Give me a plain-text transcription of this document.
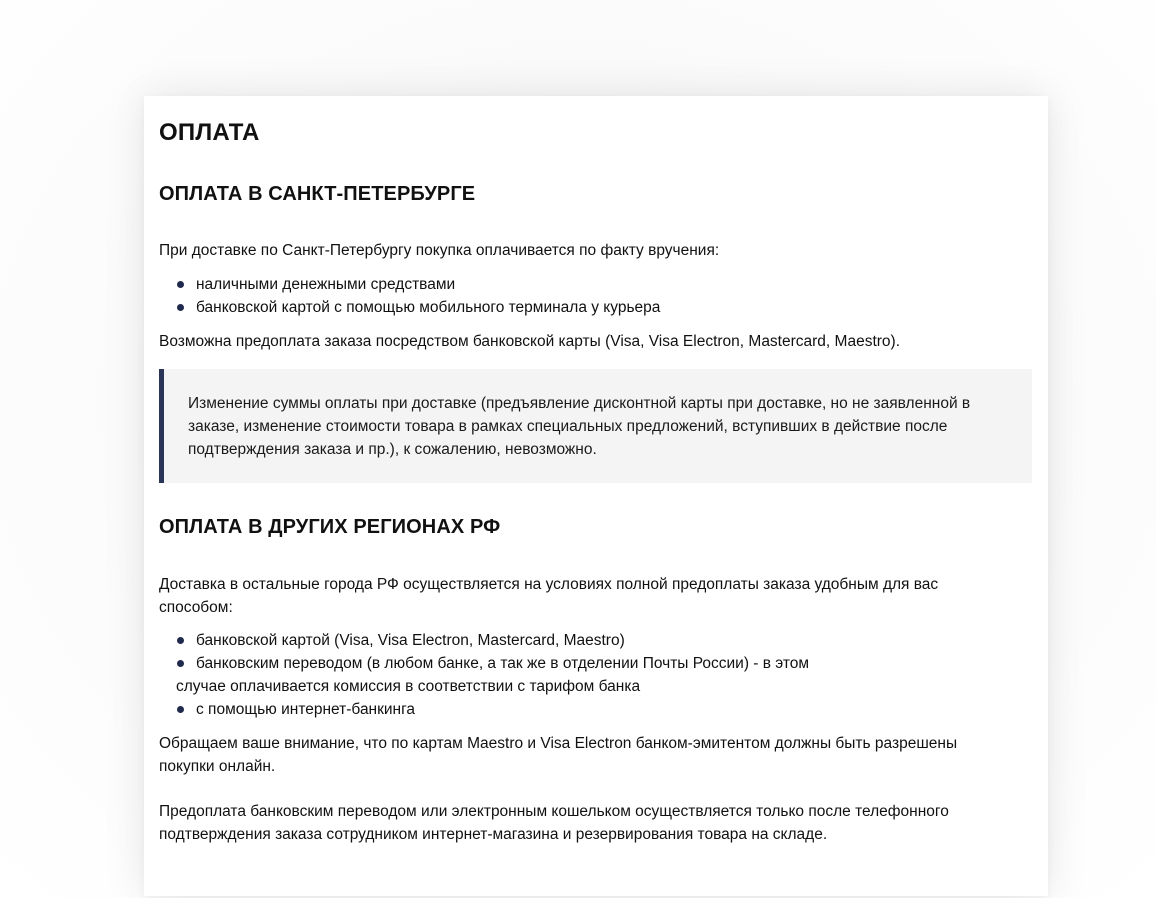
ОПЛАТА
ОПЛАТА В САНКТ-ПЕТЕРБУРГЕ

При доставке по Санкт-Петербургу покупка оплачивается по факту вручения:

наличными денежными средствами
банковской картой с помощью мобильного терминала у курьера

Возможна предоплата заказа посредством банковской карты (Visa, Visa Electron, Mastercard, Maestro).

Изменение суммы оплаты при доставке (предъявление дисконтной карты при доставке, но не заявленной в заказе, изменение стоимости товара в рамках специальных предложений, вступивших в действие после подтверждения заказа и пр.), к сожалению, невозможно.

ОПЛАТА В ДРУГИХ РЕГИОНАХ РФ

Доставка в остальные города РФ осуществляется на условиях полной предоплаты заказа удобным для вас способом:

банковской картой (Visa, Visa Electron, Mastercard, Maestro)
банковским переводом (в любом банке, а так же в отделении Почты России) - в этом
случае оплачивается комиссия в соответствии с тарифом банка
с помощью интернет-банкинга

Обращаем ваше внимание, что по картам Maestro и Visa Electron банком-эмитентом должны быть разрешены покупки онлайн.

Предоплата банковским переводом или электронным кошельком осуществляется только после телефонного

подтверждения заказа сотрудником интернет-магазина и резервирования товара на складе.
